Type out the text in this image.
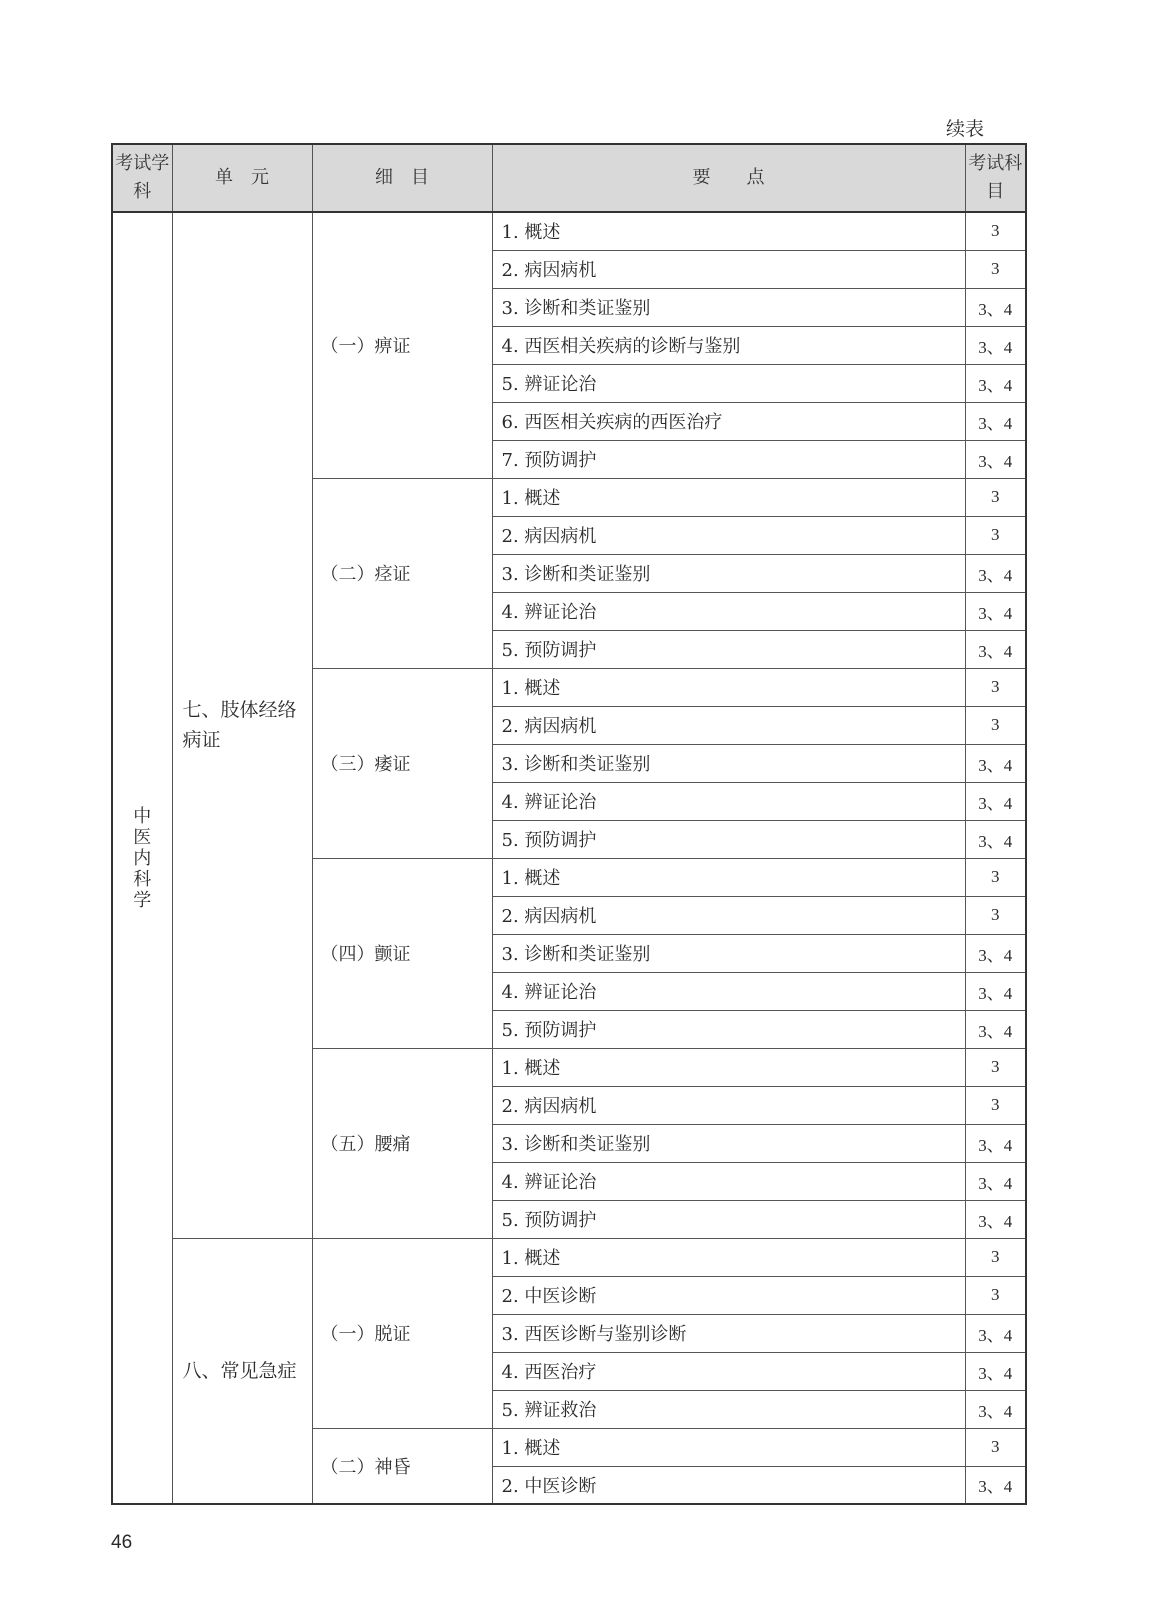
续表
考试学科	单　元	细　目	要　　点	考试科目
中医内科学	七、肢体经络病证	（一）痹证	1. 概述	3
			2. 病因病机	3
			3. 诊断和类证鉴别	3、4
			4. 西医相关疾病的诊断与鉴别	3、4
			5. 辨证论治	3、4
			6. 西医相关疾病的西医治疗	3、4
			7. 预防调护	3、4
		（二）痉证	1. 概述	3
			2. 病因病机	3
			3. 诊断和类证鉴别	3、4
			4. 辨证论治	3、4
			5. 预防调护	3、4
		（三）痿证	1. 概述	3
			2. 病因病机	3
			3. 诊断和类证鉴别	3、4
			4. 辨证论治	3、4
			5. 预防调护	3、4
		（四）颤证	1. 概述	3
			2. 病因病机	3
			3. 诊断和类证鉴别	3、4
			4. 辨证论治	3、4
			5. 预防调护	3、4
		（五）腰痛	1. 概述	3
			2. 病因病机	3
			3. 诊断和类证鉴别	3、4
			4. 辨证论治	3、4
			5. 预防调护	3、4
	八、常见急症	（一）脱证	1. 概述	3
			2. 中医诊断	3
			3. 西医诊断与鉴别诊断	3、4
			4. 西医治疗	3、4
			5. 辨证救治	3、4
		（二）神昏	1. 概述	3
			2. 中医诊断	3、4
46
